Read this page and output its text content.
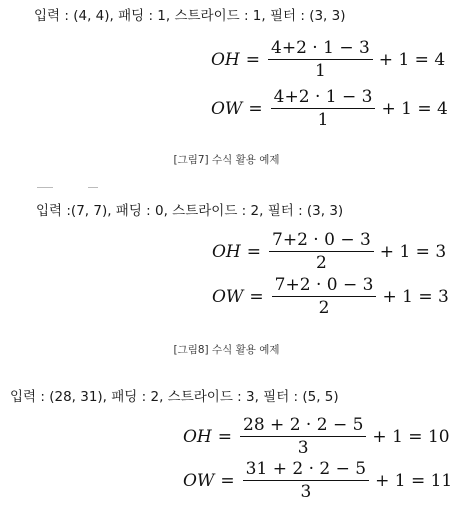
입력 : (4, 4), 패딩 : 1, 스트라이드 : 1, 필터 : (3, 3)
OH = $\frac{4+2 \cdot 1 - 3}{1} + 1 = 4$
OW = $\frac{4+2 \cdot 1 - 3}{1} + 1 = 4$
[그림7] 수식 활용 예제
입력 :(7, 7), 패딩 : 0, 스트라이드 : 2, 필터 : (3, 3)
OH = $\frac{7+2 \cdot 0 - 3}{2} + 1 = 3$
OW = $\frac{7+2 \cdot 0 - 3}{2} + 1 = 3$
[그림8] 수식 활용 예제
입력 : (28, 31), 패딩 : 2, 스트라이드 : 3, 필터 : (5, 5)
OH = $\frac{28 + 2 \cdot 2 - 5}{3} + 1 = 10$
OW = $\frac{31 + 2 \cdot 2 - 5}{3} + 1 = 11$
